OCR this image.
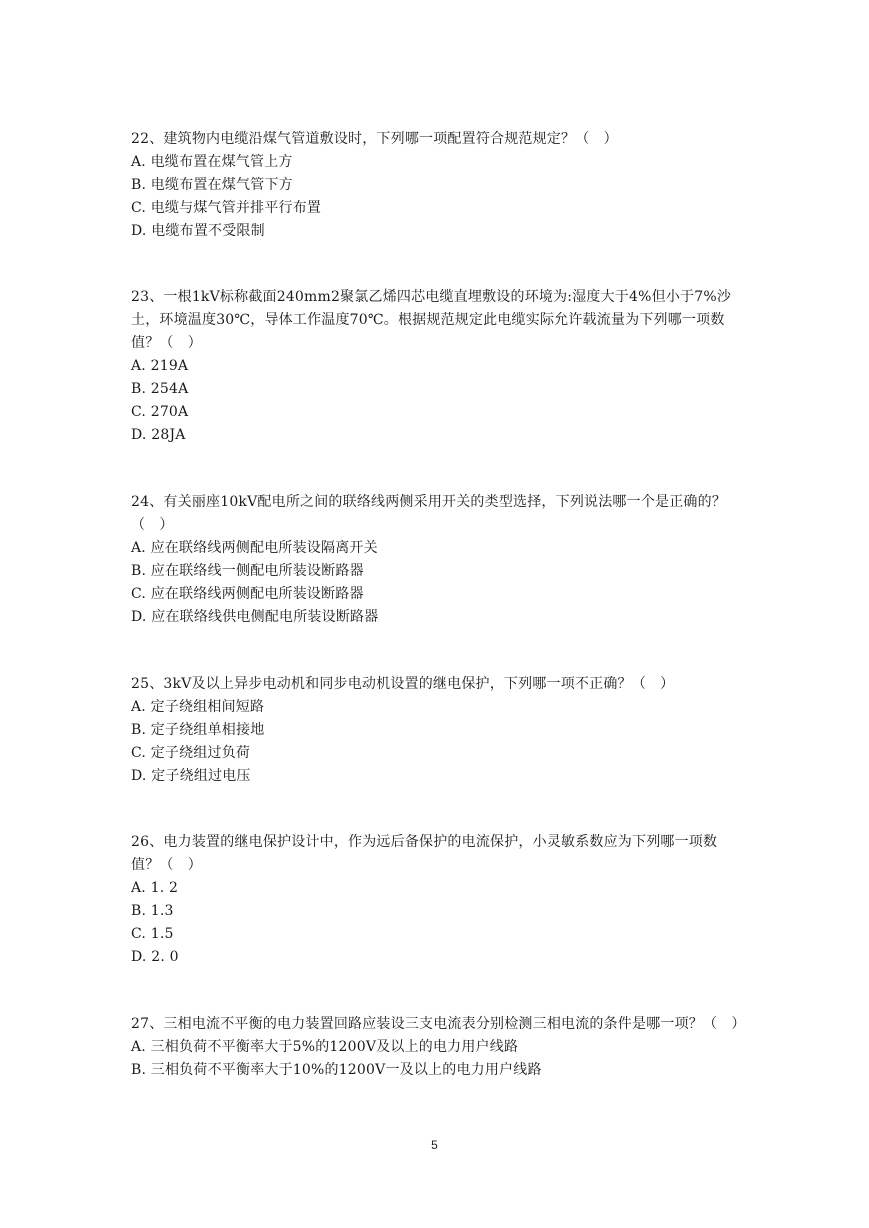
22、建筑物内电缆沿煤气管道敷设时，下列哪一项配置符合规范规定？（　）

A. 电缆布置在煤气管上方

B. 电缆布置在煤气管下方

C. 电缆与煤气管并排平行布置

D. 电缆布置不受限制

23、一根1kV标称截面240mm2聚氯乙烯四芯电缆直埋敷设的环境为:湿度大于4%但小于7%沙土，环境温度30℃，导体工作温度70℃。根据规范规定此电缆实际允许载流量为下列哪一项数值？（　）

A. 219A

B. 254A

C. 270A

D. 28JA

24、有关丽座10kV配电所之间的联络线两侧采用开关的类型选择，下列说法哪一个是正确的？（　）

A. 应在联络线两侧配电所装设隔离开关

B. 应在联络线一侧配电所装设断路器

C. 应在联络线两侧配电所装设断路器

D. 应在联络线供电侧配电所装设断路器

25、3kV及以上异步电动机和同步电动机设置的继电保护，下列哪一项不正确？（　）

A. 定子绕组相间短路

B. 定子绕组单相接地

C. 定子绕组过负荷

D. 定子绕组过电压

26、电力装置的继电保护设计中，作为远后备保护的电流保护，小灵敏系数应为下列哪一项数值？（　）

A. 1. 2

B. 1.3

C. 1.5

D. 2. 0

27、三相电流不平衡的电力装置回路应装设三支电流表分别检测三相电流的条件是哪一项？（　）

A. 三相负荷不平衡率大于5%的1200V及以上的电力用户线路

B. 三相负荷不平衡率大于10%的1200V一及以上的电力用户线路

5
